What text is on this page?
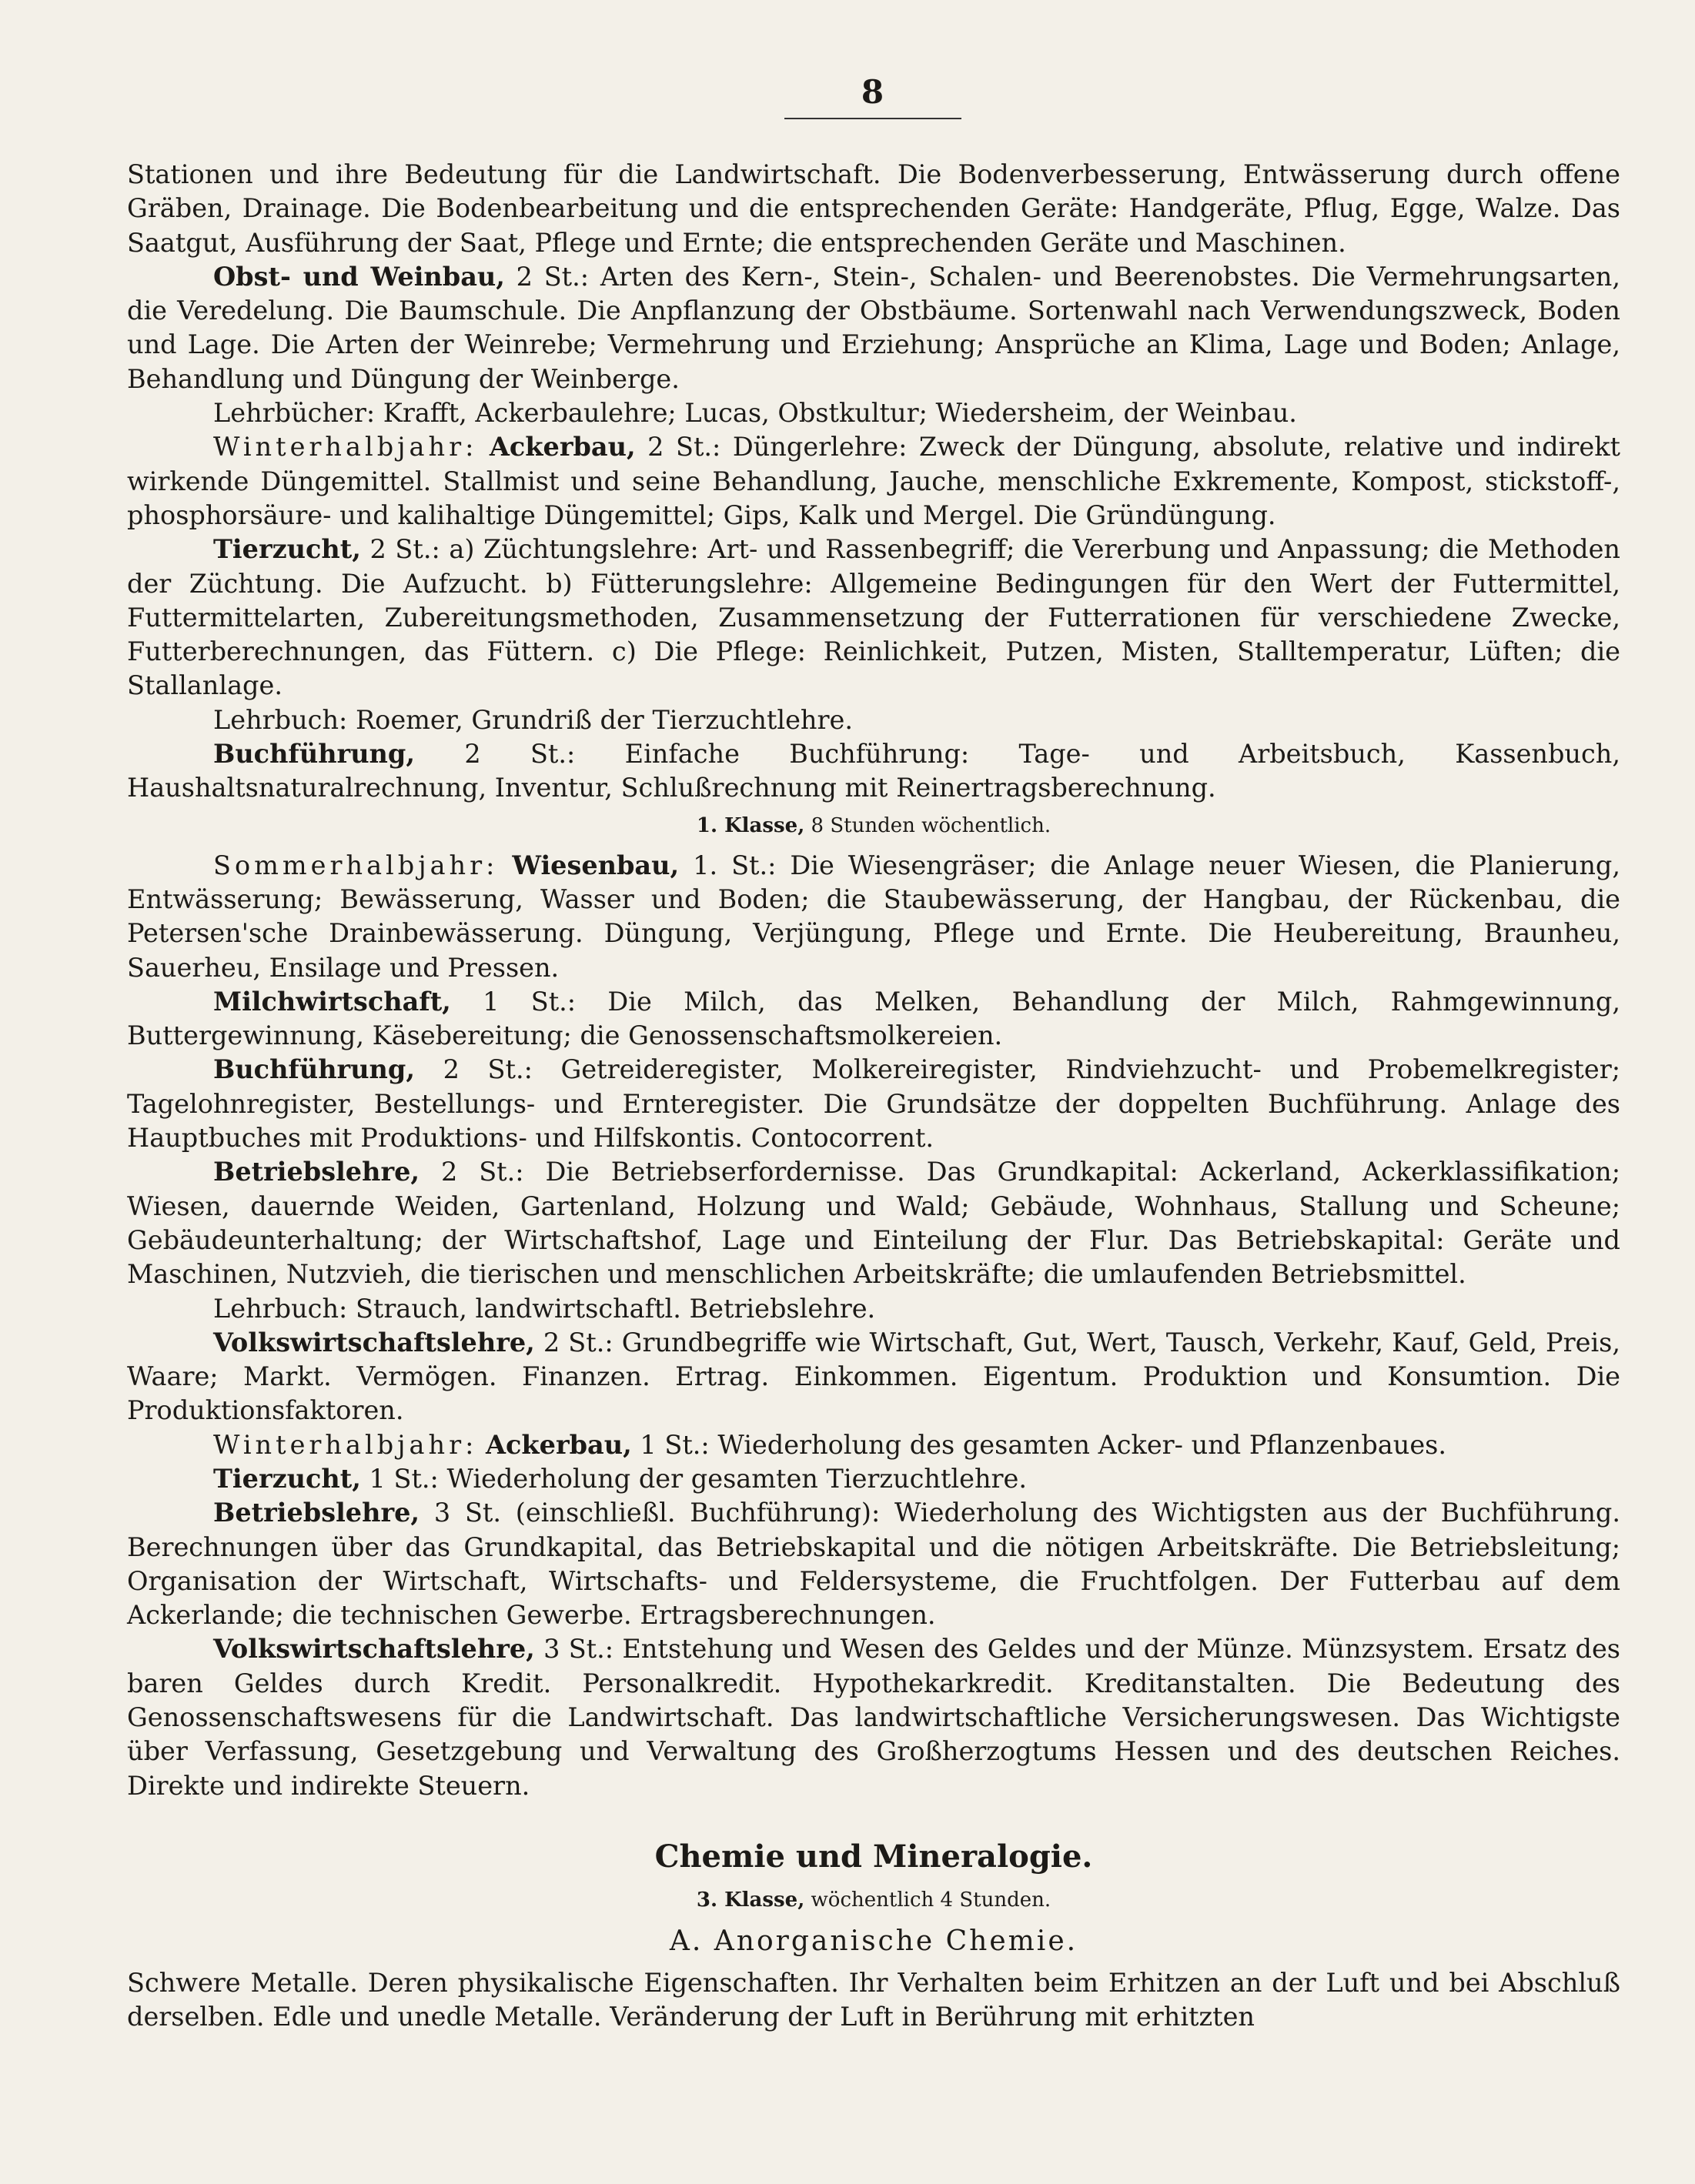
8

Stationen und ihre Bedeutung für die Landwirtschaft. Die Bodenverbesserung, Entwässerung durch offene Gräben, Drainage. Die Bodenbearbeitung und die entsprechenden Geräte: Handgeräte, Pflug, Egge, Walze. Das Saatgut, Ausführung der Saat, Pflege und Ernte; die entsprechenden Geräte und Maschinen.

Obst- und Weinbau, 2 St.: Arten des Kern-, Stein-, Schalen- und Beerenobstes. Die Vermehrungsarten, die Veredelung. Die Baumschule. Die Anpflanzung der Obstbäume. Sortenwahl nach Verwendungszweck, Boden und Lage. Die Arten der Weinrebe; Vermehrung und Erziehung; Ansprüche an Klima, Lage und Boden; Anlage, Behandlung und Düngung der Weinberge.

Lehrbücher: Krafft, Ackerbaulehre; Lucas, Obstkultur; Wiedersheim, der Weinbau.

Winterhalbjahr: Ackerbau, 2 St.: Düngerlehre: Zweck der Düngung, absolute, relative und indirekt wirkende Düngemittel. Stallmist und seine Behandlung, Jauche, menschliche Exkremente, Kompost, stickstoff-, phosphorsäure- und kalihaltige Düngemittel; Gips, Kalk und Mergel. Die Gründüngung.

Tierzucht, 2 St.: a) Züchtungslehre: Art- und Rassenbegriff; die Vererbung und Anpassung; die Methoden der Züchtung. Die Aufzucht. b) Fütterungslehre: Allgemeine Bedingungen für den Wert der Futtermittel, Futtermittelarten, Zubereitungsmethoden, Zusammensetzung der Futterrationen für verschiedene Zwecke, Futterberechnungen, das Füttern. c) Die Pflege: Reinlichkeit, Putzen, Misten, Stalltemperatur, Lüften; die Stallanlage.

Lehrbuch: Roemer, Grundriß der Tierzuchtlehre.

Buchführung, 2 St.: Einfache Buchführung: Tage- und Arbeitsbuch, Kassenbuch, Haushaltsnaturalrechnung, Inventur, Schlußrechnung mit Reinertragsberechnung.

1. Klasse, 8 Stunden wöchentlich.

Sommerhalbjahr: Wiesenbau, 1. St.: Die Wiesengräser; die Anlage neuer Wiesen, die Planierung, Entwässerung; Bewässerung, Wasser und Boden; die Staubewässerung, der Hangbau, der Rückenbau, die Petersen'sche Drainbewässerung. Düngung, Verjüngung, Pflege und Ernte. Die Heubereitung, Braunheu, Sauerheu, Ensilage und Pressen.

Milchwirtschaft, 1 St.: Die Milch, das Melken, Behandlung der Milch, Rahmgewinnung, Buttergewinnung, Käsebereitung; die Genossenschaftsmolkereien.

Buchführung, 2 St.: Getreideregister, Molkereiregister, Rindviehzucht- und Probemelkregister; Tagelohnregister, Bestellungs- und Ernteregister. Die Grundsätze der doppelten Buchführung. Anlage des Hauptbuches mit Produktions- und Hilfskontis. Contocorrent.

Betriebslehre, 2 St.: Die Betriebserfordernisse. Das Grundkapital: Ackerland, Ackerklassifikation; Wiesen, dauernde Weiden, Gartenland, Holzung und Wald; Gebäude, Wohnhaus, Stallung und Scheune; Gebäudeunterhaltung; der Wirtschaftshof, Lage und Einteilung der Flur. Das Betriebskapital: Geräte und Maschinen, Nutzvieh, die tierischen und menschlichen Arbeitskräfte; die umlaufenden Betriebsmittel.

Lehrbuch: Strauch, landwirtschaftl. Betriebslehre.

Volkswirtschaftslehre, 2 St.: Grundbegriffe wie Wirtschaft, Gut, Wert, Tausch, Verkehr, Kauf, Geld, Preis, Waare; Markt. Vermögen. Finanzen. Ertrag. Einkommen. Eigentum. Produktion und Konsumtion. Die Produktionsfaktoren.

Winterhalbjahr: Ackerbau, 1 St.: Wiederholung des gesamten Acker- und Pflanzenbaues.

Tierzucht, 1 St.: Wiederholung der gesamten Tierzuchtlehre.

Betriebslehre, 3 St. (einschließl. Buchführung): Wiederholung des Wichtigsten aus der Buchführung. Berechnungen über das Grundkapital, das Betriebskapital und die nötigen Arbeitskräfte. Die Betriebsleitung; Organisation der Wirtschaft, Wirtschafts- und Feldersysteme, die Fruchtfolgen. Der Futterbau auf dem Ackerlande; die technischen Gewerbe. Ertragsberechnungen.

Volkswirtschaftslehre, 3 St.: Entstehung und Wesen des Geldes und der Münze. Münzsystem. Ersatz des baren Geldes durch Kredit. Personalkredit. Hypothekarkredit. Kreditanstalten. Die Bedeutung des Genossenschaftswesens für die Landwirtschaft. Das landwirtschaftliche Versicherungswesen. Das Wichtigste über Verfassung, Gesetzgebung und Verwaltung des Großherzogtums Hessen und des deutschen Reiches. Direkte und indirekte Steuern.

Chemie und Mineralogie.
3. Klasse, wöchentlich 4 Stunden.
A. Anorganische Chemie.

Schwere Metalle. Deren physikalische Eigenschaften. Ihr Verhalten beim Erhitzen an der Luft und bei Abschluß derselben. Edle und unedle Metalle. Veränderung der Luft in Berührung mit erhitzten
